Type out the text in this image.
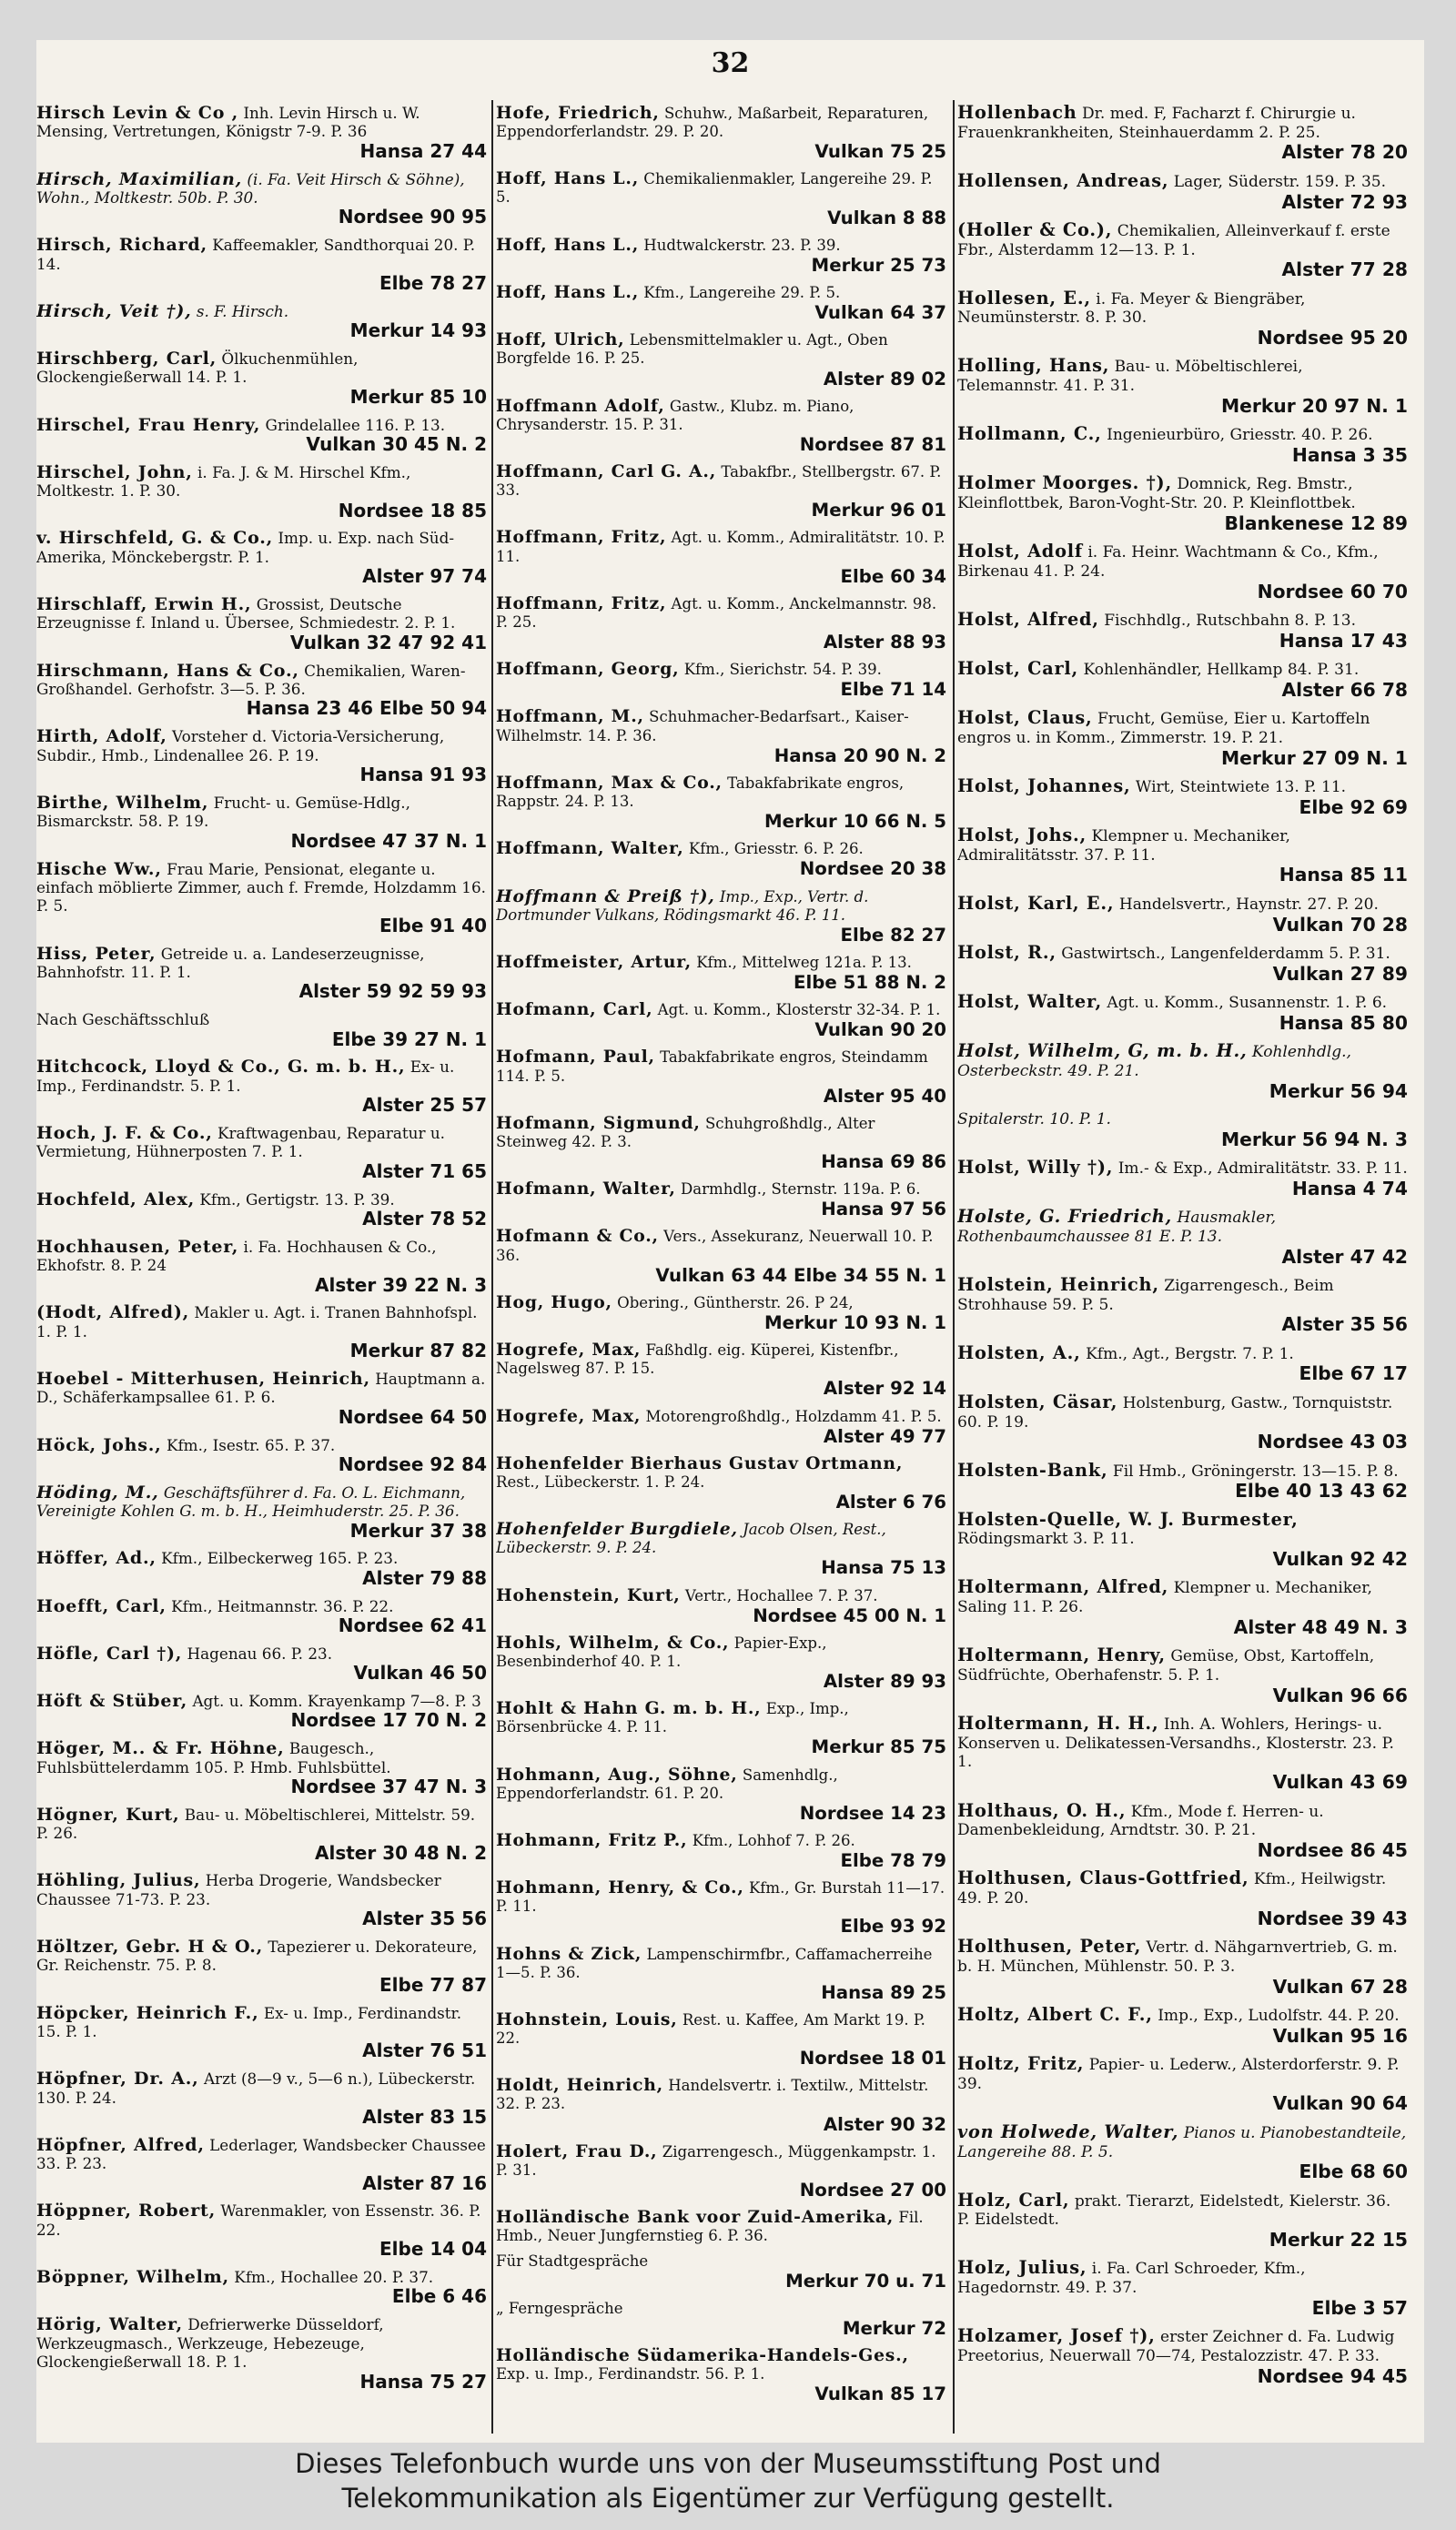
32
Hirsch Levin & Co , Inh. Levin Hirsch u. W. Mensing, Vertretungen, Königstr 7-9. P. 36
Hansa 27 44
Hirsch, Maximilian, (i. Fa. Veit Hirsch & Söhne), Wohn., Moltkestr. 50b. P. 30.
Nordsee 90 95
Hirsch, Richard, Kaffeemakler, Sandthorquai 20. P. 14.
Elbe 78 27
Hirsch, Veit †), s. F. Hirsch.
Merkur 14 93
Hirschberg, Carl, Ölkuchenmühlen, Glockengießerwall 14. P. 1.
Merkur 85 10
Hirschel, Frau Henry, Grindelallee 116. P. 13.
Vulkan 30 45 N. 2
Hirschel, John, i. Fa. J. & M. Hirschel Kfm., Moltkestr. 1. P. 30.
Nordsee 18 85
v. Hirschfeld, G. & Co., Imp. u. Exp. nach Süd-Amerika, Mönckebergstr. P. 1.
Alster 97 74
Hirschlaff, Erwin H., Grossist, Deutsche Erzeugnisse f. Inland u. Übersee, Schmiedestr. 2. P. 1.
Vulkan 32 47 92 41
Hirschmann, Hans & Co., Chemikalien, Waren-Großhandel. Gerhofstr. 3—5. P. 36.
Hansa 23 46 Elbe 50 94
Hirth, Adolf, Vorsteher d. Victoria-Versicherung, Subdir., Hmb., Lindenallee 26. P. 19.
Hansa 91 93
Birthe, Wilhelm, Frucht- u. Gemüse-Hdlg., Bismarckstr. 58. P. 19.
Nordsee 47 37 N. 1
Hische Ww., Frau Marie, Pensionat, elegante u. einfach möblierte Zimmer, auch f. Fremde, Holzdamm 16. P. 5.
Elbe 91 40
Hiss, Peter, Getreide u. a. Landeserzeugnisse, Bahnhofstr. 11. P. 1.
Alster 59 92 59 93
Nach Geschäftsschluß
Elbe 39 27 N. 1
Hitchcock, Lloyd & Co., G. m. b. H., Ex- u. Imp., Ferdinandstr. 5. P. 1.
Alster 25 57
Hoch, J. F. & Co., Kraftwagenbau, Reparatur u. Vermietung, Hühnerposten 7. P. 1.
Alster 71 65
Hochfeld, Alex, Kfm., Gertigstr. 13. P. 39.
Alster 78 52
Hochhausen, Peter, i. Fa. Hochhausen & Co., Ekhofstr. 8. P. 24
Alster 39 22 N. 3
(Hodt, Alfred), Makler u. Agt. i. Tranen Bahnhofspl. 1. P. 1.
Merkur 87 82
Hoebel - Mitterhusen, Heinrich, Hauptmann a. D., Schäferkampsallee 61. P. 6.
Nordsee 64 50
Höck, Johs., Kfm., Isestr. 65. P. 37.
Nordsee 92 84
Höding, M., Geschäftsführer d. Fa. O. L. Eichmann, Vereinigte Kohlen G. m. b. H., Heimhuderstr. 25. P. 36.
Merkur 37 38
Höffer, Ad., Kfm., Eilbeckerweg 165. P. 23.
Alster 79 88
Hoefft, Carl, Kfm., Heitmannstr. 36. P. 22.
Nordsee 62 41
Höfle, Carl †), Hagenau 66. P. 23.
Vulkan 46 50
Höft & Stüber, Agt. u. Komm. Krayenkamp 7—8. P. 3
Nordsee 17 70 N. 2
Höger, M.. & Fr. Höhne, Baugesch., Fuhlsbüttelerdamm 105. P. Hmb. Fuhlsbüttel.
Nordsee 37 47 N. 3
Högner, Kurt, Bau- u. Möbeltischlerei, Mittelstr. 59. P. 26.
Alster 30 48 N. 2
Höhling, Julius, Herba Drogerie, Wandsbecker Chaussee 71-73. P. 23.
Alster 35 56
Höltzer, Gebr. H & O., Tapezierer u. Dekorateure, Gr. Reichenstr. 75. P. 8.
Elbe 77 87
Höpcker, Heinrich F., Ex- u. Imp., Ferdinandstr. 15. P. 1.
Alster 76 51
Höpfner, Dr. A., Arzt (8—9 v., 5—6 n.), Lübeckerstr. 130. P. 24.
Alster 83 15
Höpfner, Alfred, Lederlager, Wandsbecker Chaussee 33. P. 23.
Alster 87 16
Höppner, Robert, Warenmakler, von Essenstr. 36. P. 22.
Elbe 14 04
Böppner, Wilhelm, Kfm., Hochallee 20. P. 37.
Elbe 6 46
Hörig, Walter, Defrierwerke Düsseldorf, Werkzeugmasch., Werkzeuge, Hebezeuge, Glockengießerwall 18. P. 1.
Hansa 75 27
Hofe, Friedrich, Schuhw., Maßarbeit, Reparaturen, Eppendorferlandstr. 29. P. 20.
Vulkan 75 25
Hoff, Hans L., Chemikalienmakler, Langereihe 29. P. 5.
Vulkan 8 88
Hoff, Hans L., Hudtwalckerstr. 23. P. 39.
Merkur 25 73
Hoff, Hans L., Kfm., Langereihe 29. P. 5.
Vulkan 64 37
Hoff, Ulrich, Lebensmittelmakler u. Agt., Oben Borgfelde 16. P. 25.
Alster 89 02
Hoffmann Adolf, Gastw., Klubz. m. Piano, Chrysanderstr. 15. P. 31.
Nordsee 87 81
Hoffmann, Carl G. A., Tabakfbr., Stellbergstr. 67. P. 33.
Merkur 96 01
Hoffmann, Fritz, Agt. u. Komm., Admiralitätstr. 10. P. 11.
Elbe 60 34
Hoffmann, Fritz, Agt. u. Komm., Anckelmannstr. 98. P. 25.
Alster 88 93
Hoffmann, Georg, Kfm., Sierichstr. 54. P. 39.
Elbe 71 14
Hoffmann, M., Schuhmacher-Bedarfsart., Kaiser-Wilhelmstr. 14. P. 36.
Hansa 20 90 N. 2
Hoffmann, Max & Co., Tabakfabrikate engros, Rappstr. 24. P. 13.
Merkur 10 66 N. 5
Hoffmann, Walter, Kfm., Griesstr. 6. P. 26.
Nordsee 20 38
Hoffmann & Preiß †), Imp., Exp., Vertr. d. Dortmunder Vulkans, Rödingsmarkt 46. P. 11.
Elbe 82 27
Hoffmeister, Artur, Kfm., Mittelweg 121a. P. 13.
Elbe 51 88 N. 2
Hofmann, Carl, Agt. u. Komm., Klosterstr 32-34. P. 1.
Vulkan 90 20
Hofmann, Paul, Tabakfabrikate engros, Steindamm 114. P. 5.
Alster 95 40
Hofmann, Sigmund, Schuhgroßhdlg., Alter Steinweg 42. P. 3.
Hansa 69 86
Hofmann, Walter, Darmhdlg., Sternstr. 119a. P. 6.
Hansa 97 56
Hofmann & Co., Vers., Assekuranz, Neuerwall 10. P. 36.
Vulkan 63 44 Elbe 34 55 N. 1
Hog, Hugo, Obering., Güntherstr. 26. P 24,
Merkur 10 93 N. 1
Hogrefe, Max, Faßhdlg. eig. Küperei, Kistenfbr., Nagelsweg 87. P. 15.
Alster 92 14
Hogrefe, Max, Motorengroßhdlg., Holzdamm 41. P. 5.
Alster 49 77
Hohenfelder Bierhaus Gustav Ortmann, Rest., Lübeckerstr. 1. P. 24.
Alster 6 76
Hohenfelder Burgdiele, Jacob Olsen, Rest., Lübeckerstr. 9. P. 24.
Hansa 75 13
Hohenstein, Kurt, Vertr., Hochallee 7. P. 37.
Nordsee 45 00 N. 1
Hohls, Wilhelm, & Co., Papier-Exp., Besenbinderhof 40. P. 1.
Alster 89 93
Hohlt & Hahn G. m. b. H., Exp., Imp., Börsenbrücke 4. P. 11.
Merkur 85 75
Hohmann, Aug., Söhne, Samenhdlg., Eppendorferlandstr. 61. P. 20.
Nordsee 14 23
Hohmann, Fritz P., Kfm., Lohhof 7. P. 26.
Elbe 78 79
Hohmann, Henry, & Co., Kfm., Gr. Burstah 11—17. P. 11.
Elbe 93 92
Hohns & Zick, Lampenschirmfbr., Caffamacherreihe 1—5. P. 36.
Hansa 89 25
Hohnstein, Louis, Rest. u. Kaffee, Am Markt 19. P. 22.
Nordsee 18 01
Holdt, Heinrich, Handelsvertr. i. Textilw., Mittelstr. 32. P. 23.
Alster 90 32
Holert, Frau D., Zigarrengesch., Müggenkampstr. 1. P. 31.
Nordsee 27 00
Holländische Bank voor Zuid-Amerika, Fil. Hmb., Neuer Jungfernstieg 6. P. 36.
Für Stadtgespräche
Merkur 70 u. 71
„ Ferngespräche
Merkur 72
Holländische Südamerika-Handels-Ges., Exp. u. Imp., Ferdinandstr. 56. P. 1.
Vulkan 85 17
Hollenbach Dr. med. F, Facharzt f. Chirurgie u. Frauenkrankheiten, Steinhauerdamm 2. P. 25.
Alster 78 20
Hollensen, Andreas, Lager, Süderstr. 159. P. 35.
Alster 72 93
(Holler & Co.), Chemikalien, Alleinverkauf f. erste Fbr., Alsterdamm 12—13. P. 1.
Alster 77 28
Hollesen, E., i. Fa. Meyer & Biengräber, Neumünsterstr. 8. P. 30.
Nordsee 95 20
Holling, Hans, Bau- u. Möbeltischlerei, Telemannstr. 41. P. 31.
Merkur 20 97 N. 1
Hollmann, C., Ingenieurbüro, Griesstr. 40. P. 26.
Hansa 3 35
Holmer Moorges. †), Domnick, Reg. Bmstr., Kleinflottbek, Baron-Voght-Str. 20. P. Kleinflottbek.
Blankenese 12 89
Holst, Adolf i. Fa. Heinr. Wachtmann & Co., Kfm., Birkenau 41. P. 24.
Nordsee 60 70
Holst, Alfred, Fischhdlg., Rutschbahn 8. P. 13.
Hansa 17 43
Holst, Carl, Kohlenhändler, Hellkamp 84. P. 31.
Alster 66 78
Holst, Claus, Frucht, Gemüse, Eier u. Kartoffeln engros u. in Komm., Zimmerstr. 19. P. 21.
Merkur 27 09 N. 1
Holst, Johannes, Wirt, Steintwiete 13. P. 11.
Elbe 92 69
Holst, Johs., Klempner u. Mechaniker, Admiralitätsstr. 37. P. 11.
Hansa 85 11
Holst, Karl, E., Handelsvertr., Haynstr. 27. P. 20.
Vulkan 70 28
Holst, R., Gastwirtsch., Langenfelderdamm 5. P. 31.
Vulkan 27 89
Holst, Walter, Agt. u. Komm., Susannenstr. 1. P. 6.
Hansa 85 80
Holst, Wilhelm, G, m. b. H., Kohlenhdlg., Osterbeckstr. 49. P. 21.
Merkur 56 94
Spitalerstr. 10. P. 1.
Merkur 56 94 N. 3
Holst, Willy †), Im.- & Exp., Admiralitätstr. 33. P. 11.
Hansa 4 74
Holste, G. Friedrich, Hausmakler, Rothenbaumchaussee 81 E. P. 13.
Alster 47 42
Holstein, Heinrich, Zigarrengesch., Beim Strohhause 59. P. 5.
Alster 35 56
Holsten, A., Kfm., Agt., Bergstr. 7. P. 1.
Elbe 67 17
Holsten, Cäsar, Holstenburg, Gastw., Tornquiststr. 60. P. 19.
Nordsee 43 03
Holsten-Bank, Fil Hmb., Gröningerstr. 13—15. P. 8.
Elbe 40 13 43 62
Holsten-Quelle, W. J. Burmester, Rödingsmarkt 3. P. 11.
Vulkan 92 42
Holtermann, Alfred, Klempner u. Mechaniker, Saling 11. P. 26.
Alster 48 49 N. 3
Holtermann, Henry, Gemüse, Obst, Kartoffeln, Südfrüchte, Oberhafenstr. 5. P. 1.
Vulkan 96 66
Holtermann, H. H., Inh. A. Wohlers, Herings- u. Konserven u. Delikatessen-Versandhs., Klosterstr. 23. P. 1.
Vulkan 43 69
Holthaus, O. H., Kfm., Mode f. Herren- u. Damenbekleidung, Arndtstr. 30. P. 21.
Nordsee 86 45
Holthusen, Claus-Gottfried, Kfm., Heilwigstr. 49. P. 20.
Nordsee 39 43
Holthusen, Peter, Vertr. d. Nähgarnvertrieb, G. m. b. H. München, Mühlenstr. 50. P. 3.
Vulkan 67 28
Holtz, Albert C. F., Imp., Exp., Ludolfstr. 44. P. 20.
Vulkan 95 16
Holtz, Fritz, Papier- u. Lederw., Alsterdorferstr. 9. P. 39.
Vulkan 90 64
von Holwede, Walter, Pianos u. Pianobestandteile, Langereihe 88. P. 5.
Elbe 68 60
Holz, Carl, prakt. Tierarzt, Eidelstedt, Kielerstr. 36. P. Eidelstedt.
Merkur 22 15
Holz, Julius, i. Fa. Carl Schroeder, Kfm., Hagedornstr. 49. P. 37.
Elbe 3 57
Holzamer, Josef †), erster Zeichner d. Fa. Ludwig Preetorius, Neuerwall 70—74, Pestalozzistr. 47. P. 33.
Nordsee 94 45
Dieses Telefonbuch wurde uns von der Museumsstiftung Post und
Telekommunikation als Eigentümer zur Verfügung gestellt.
